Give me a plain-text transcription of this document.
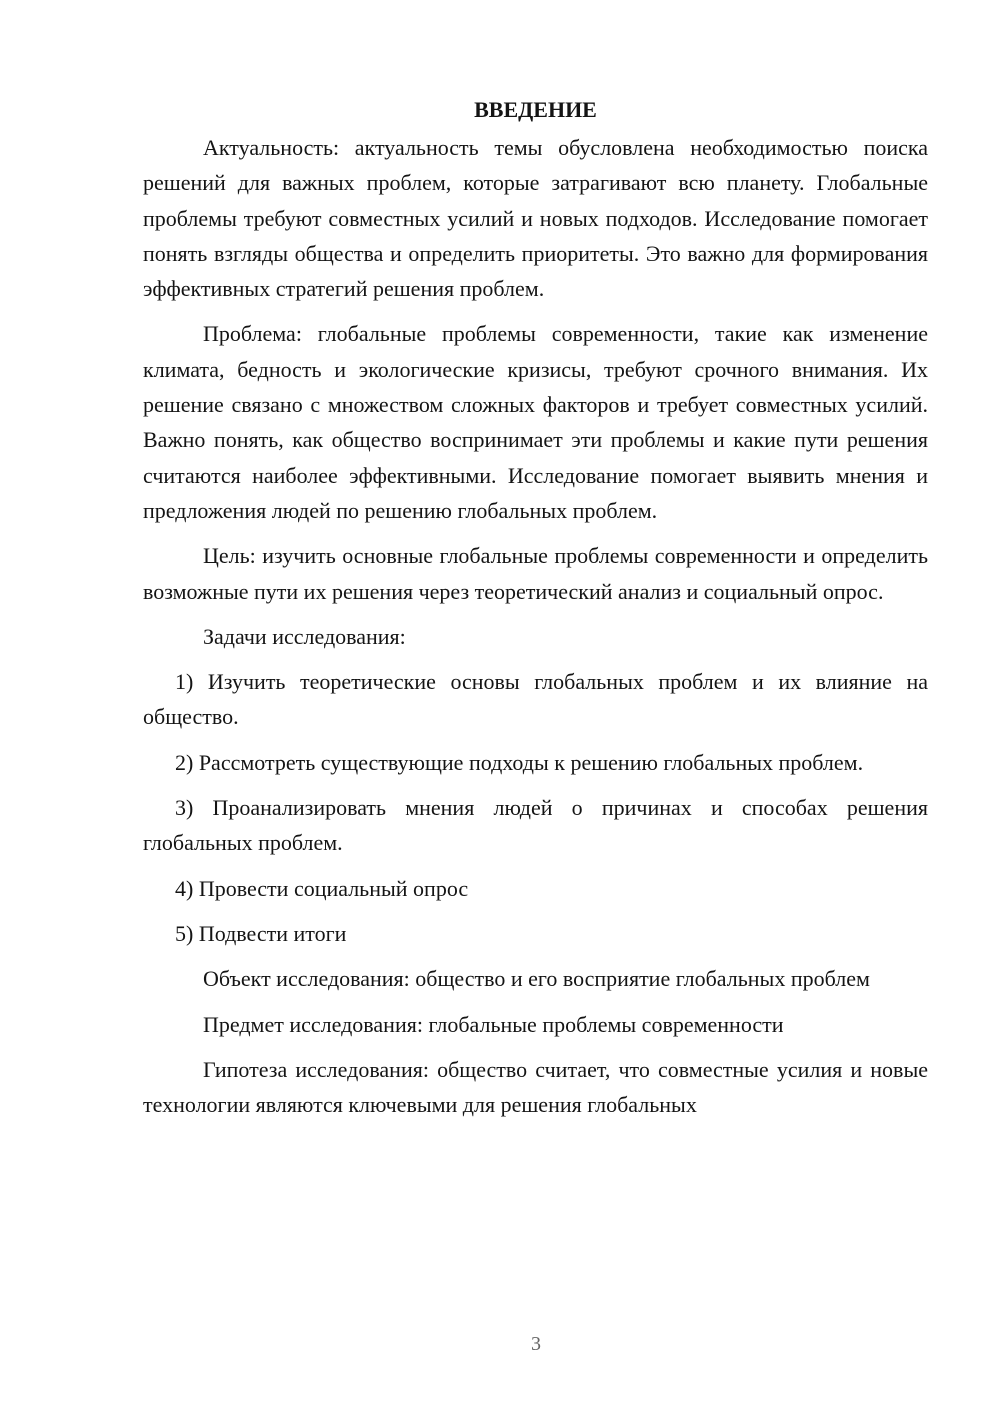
ВВЕДЕНИЕ

Актуальность: актуальность темы обусловлена необходимостью поиска решений для важных проблем, которые затрагивают всю планету. Глобальные проблемы требуют совместных усилий и новых подходов. Исследование помогает понять взгляды общества и определить приоритеты. Это важно для формирования эффективных стратегий решения проблем.

Проблема: глобальные проблемы современности, такие как изменение климата, бедность и экологические кризисы, требуют срочного внимания. Их решение связано с множеством сложных факторов и требует совместных усилий. Важно понять, как общество воспринимает эти проблемы и какие пути решения считаются наиболее эффективными. Исследование помогает выявить мнения и предложения людей по решению глобальных проблем.

Цель: изучить основные глобальные проблемы современности и определить возможные пути их решения через теоретический анализ и социальный опрос.

Задачи исследования:

1) Изучить теоретические основы глобальных проблем и их влияние на общество.

2) Рассмотреть существующие подходы к решению глобальных проблем.

3) Проанализировать мнения людей о причинах и способах решения глобальных проблем.

4) Провести социальный опрос

5) Подвести итоги

Объект исследования: общество и его восприятие глобальных проблем

Предмет исследования: глобальные проблемы современности

Гипотеза исследования: общество считает, что совместные усилия и новые технологии являются ключевыми для решения глобальных

3
